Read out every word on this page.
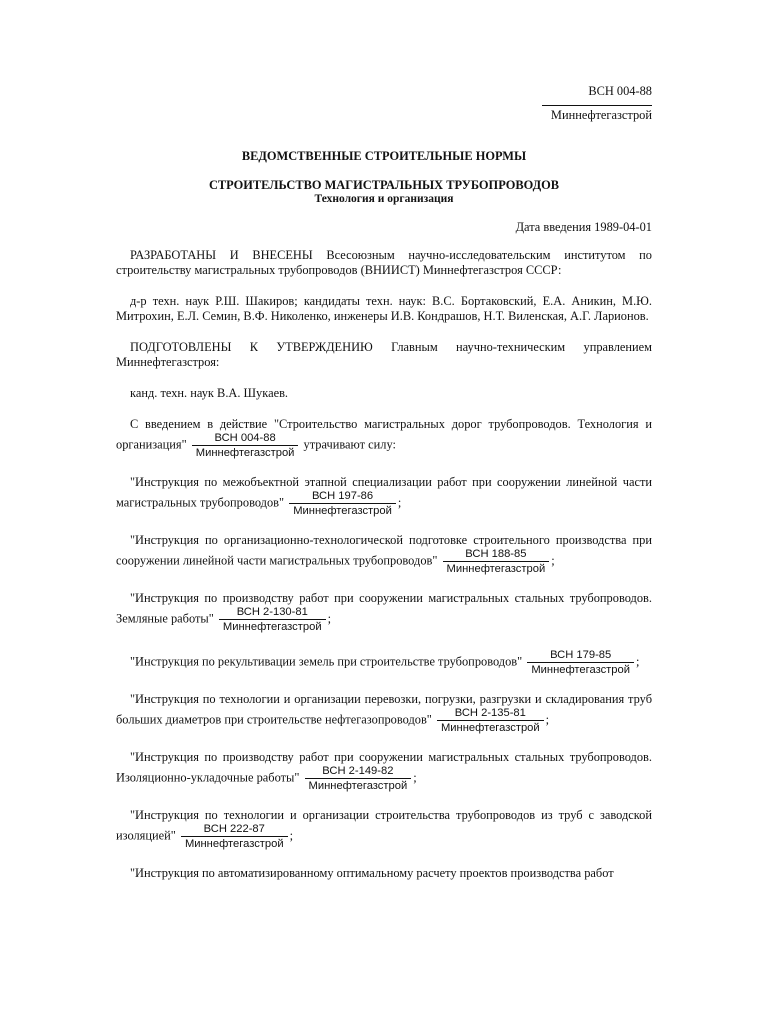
ВСН 004-88
Миннефтегазстрой
ВЕДОМСТВЕННЫЕ СТРОИТЕЛЬНЫЕ НОРМЫ
СТРОИТЕЛЬСТВО МАГИСТРАЛЬНЫХ ТРУБОПРОВОДОВ
Технология и организация
Дата введения 1989-04-01

РАЗРАБОТАНЫ И ВНЕСЕНЫ Всесоюзным научно-исследовательским институтом по строительству магистральных трубопроводов (ВНИИСТ) Миннефтегазстроя СССР:

д-р техн. наук Р.Ш. Шакиров; кандидаты техн. наук: В.С. Бортаковский, Е.А. Аникин, М.Ю. Митрохин, Е.Л. Семин, В.Ф. Николенко, инженеры И.В. Кондрашов, Н.Т. Виленская, А.Г. Ларионов.

ПОДГОТОВЛЕНЫ К УТВЕРЖДЕНИЮ Главным научно-техническим управлением Миннефтегазстроя:

канд. техн. наук В.А. Шукаев.

С введением в действие "Строительство магистральных дорог трубопроводов. Технология и организация" $\frac{\text{ВСН 004-88}}{\text{Миннефтегазстрой}}$ утрачивают силу:

"Инструкция по межобъектной этапной специализации работ при сооружении линейной части магистральных трубопроводов" $\frac{\text{ВСН 197-86}}{\text{Миннефтегазстрой}}$ ;

"Инструкция по организационно-технологической подготовке строительного производства при сооружении линейной части магистральных трубопроводов" $\frac{\text{ВСН 188-85}}{\text{Миннефтегазстрой}}$ ;

"Инструкция по производству работ при сооружении магистральных стальных трубопроводов. Земляные работы" $\frac{\text{ВСН 2-130-81}}{\text{Миннефтегазстрой}}$ ;

"Инструкция по рекультивации земель при строительстве трубопроводов" $\frac{\text{ВСН 179-85}}{\text{Миннефтегазстрой}}$ ;

"Инструкция по технологии и организации перевозки, погрузки, разгрузки и складирования труб больших диаметров при строительстве нефтегазопроводов" $\frac{\text{ВСН 2-135-81}}{\text{Миннефтегазстрой}}$ ;

"Инструкция по производству работ при сооружении магистральных стальных трубопроводов. Изоляционно-укладочные работы" $\frac{\text{ВСН 2-149-82}}{\text{Миннефтегазстрой}}$ ;

"Инструкция по технологии и организации строительства трубопроводов из труб с заводской изоляцией" $\frac{\text{ВСН 222-87}}{\text{Миннефтегазстрой}}$ ;

"Инструкция по автоматизированному оптимальному расчету проектов производства работ
